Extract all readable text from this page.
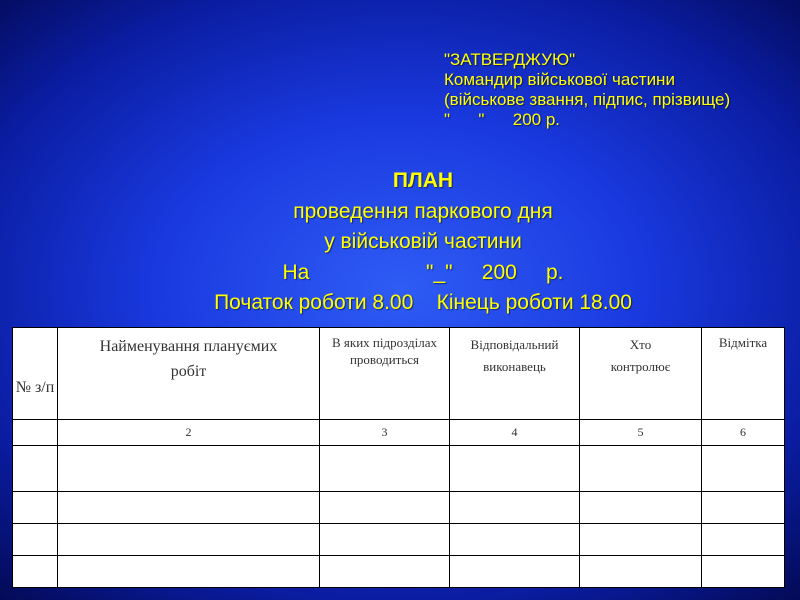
"ЗАТВЕРДЖУЮ"
Командир військової частини
(військове звання, підпис, прізвище)
"      "      200 р.
ПЛАН
проведення паркового дня
у військовій частини
На                    "_"     200     р.
Початок роботи 8.00    Кінець роботи 18.00
№ з/п	Найменування плануємих робіт	В яких підрозділах проводиться	Відповідальний виконавець	Хто контролює	Відмітка
	2	3	4	5	6
